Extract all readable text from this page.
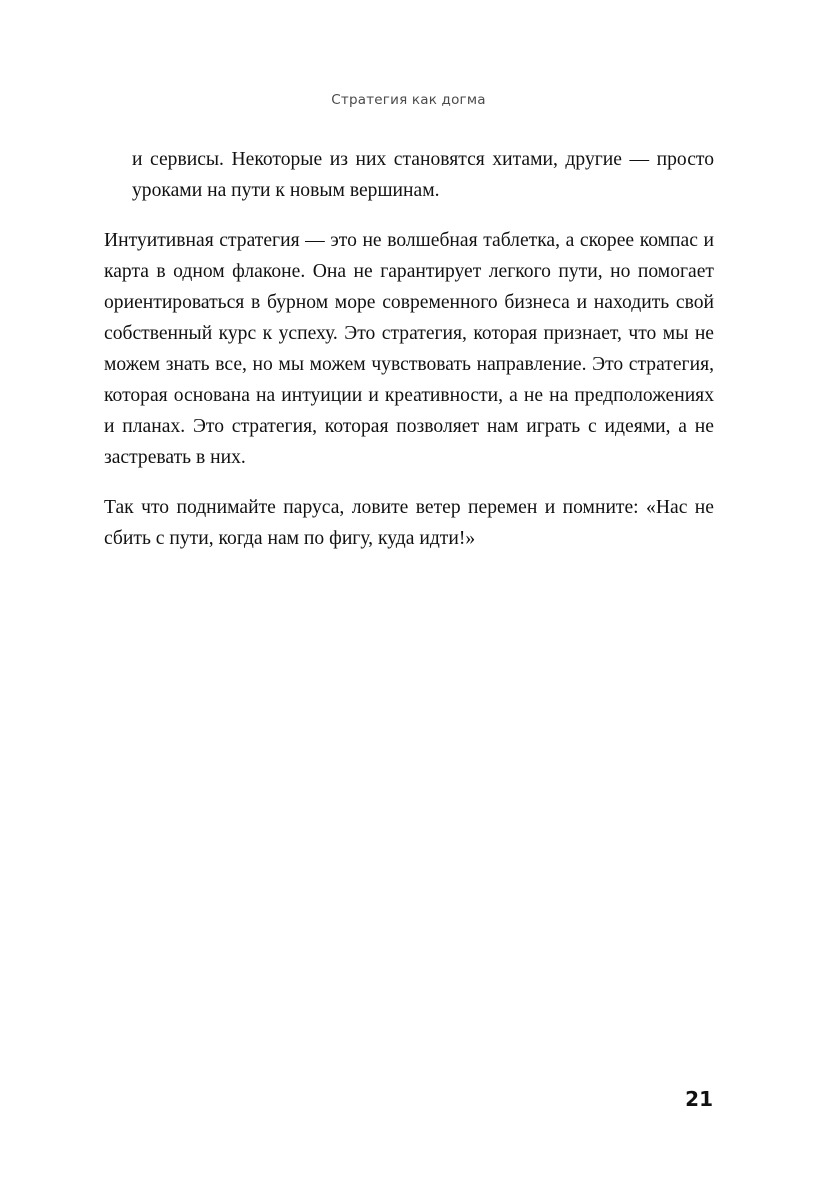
Стратегия как догма

и сервисы. Некоторые из них становятся хитами, другие — просто уроками на пути к новым вершинам.

Интуитивная стратегия — это не волшебная таблетка, а скорее компас и карта в одном флаконе. Она не гарантирует легкого пути, но помогает ориентироваться в бурном море современного бизнеса и находить свой собственный курс к успеху. Это стратегия, которая признает, что мы не можем знать все, но мы можем чувствовать направление. Это стратегия, которая основана на интуиции и креативности, а не на предположениях и планах. Это стратегия, которая позволяет нам играть с идеями, а не застревать в них.

Так что поднимайте паруса, ловите ветер перемен и помните: «Нас не сбить с пути, когда нам по фигу, куда идти!»

21
